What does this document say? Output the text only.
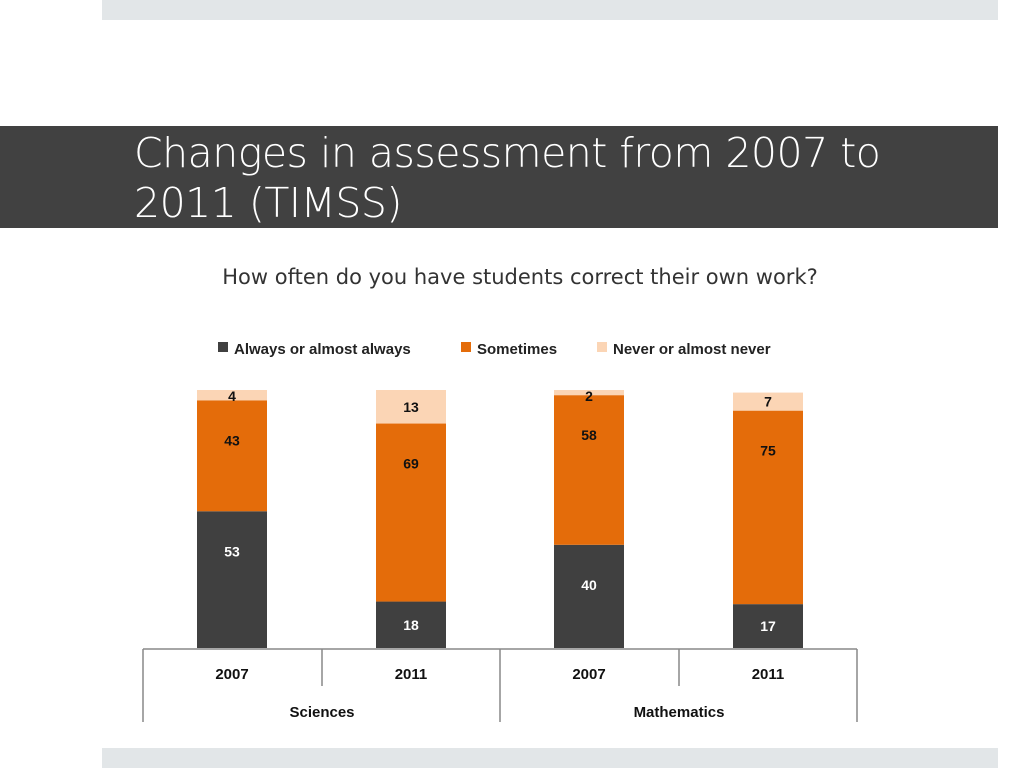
Changes in assessment from 2007 to 2011 (TIMSS)
How often do you have students correct their own work?
Always or almost always	Sometimes	Never or almost never
53
43
4
18
69
13
40
58
2
17
75
7
2007	2011	2007	2011
Sciences	Mathematics
